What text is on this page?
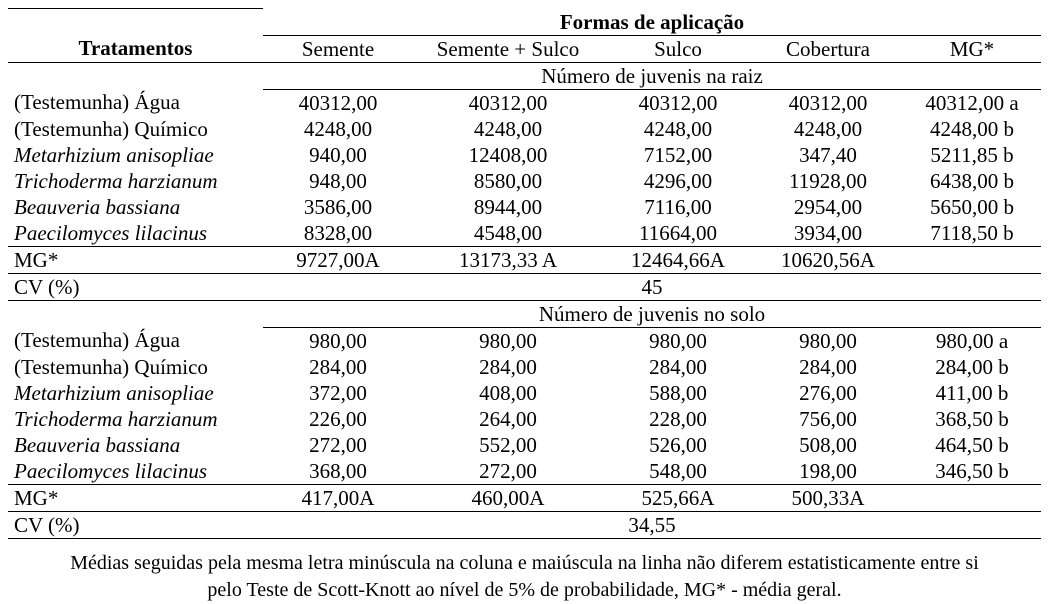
	Formas de aplicação				
Tratamentos	Semente	Semente + Sulco	Sulco	Cobertura	MG*
	Número de juvenis na raiz				
(Testemunha) Água	40312,00	40312,00	40312,00	40312,00	40312,00 a
(Testemunha) Químico	4248,00	4248,00	4248,00	4248,00	4248,00 b
Metarhizium anisopliae	940,00	12408,00	7152,00	347,40	5211,85 b
Trichoderma harzianum	948,00	8580,00	4296,00	11928,00	6438,00 b
Beauveria bassiana	3586,00	8944,00	7116,00	2954,00	5650,00 b
Paecilomyces lilacinus	8328,00	4548,00	11664,00	3934,00	7118,50 b
MG*	9727,00A	13173,33 A	12464,66A	10620,56A	
CV (%)	45				
	Número de juvenis no solo				
(Testemunha) Água	980,00	980,00	980,00	980,00	980,00 a
(Testemunha) Químico	284,00	284,00	284,00	284,00	284,00 b
Metarhizium anisopliae	372,00	408,00	588,00	276,00	411,00 b
Trichoderma harzianum	226,00	264,00	228,00	756,00	368,50 b
Beauveria bassiana	272,00	552,00	526,00	508,00	464,50 b
Paecilomyces lilacinus	368,00	272,00	548,00	198,00	346,50 b
MG*	417,00A	460,00A	525,66A	500,33A	
CV (%)	34,55				
Médias seguidas pela mesma letra minúscula na coluna e maiúscula na linha não diferem estatisticamente entre si
pelo Teste de Scott-Knott ao nível de 5% de probabilidade, MG* - média geral.
